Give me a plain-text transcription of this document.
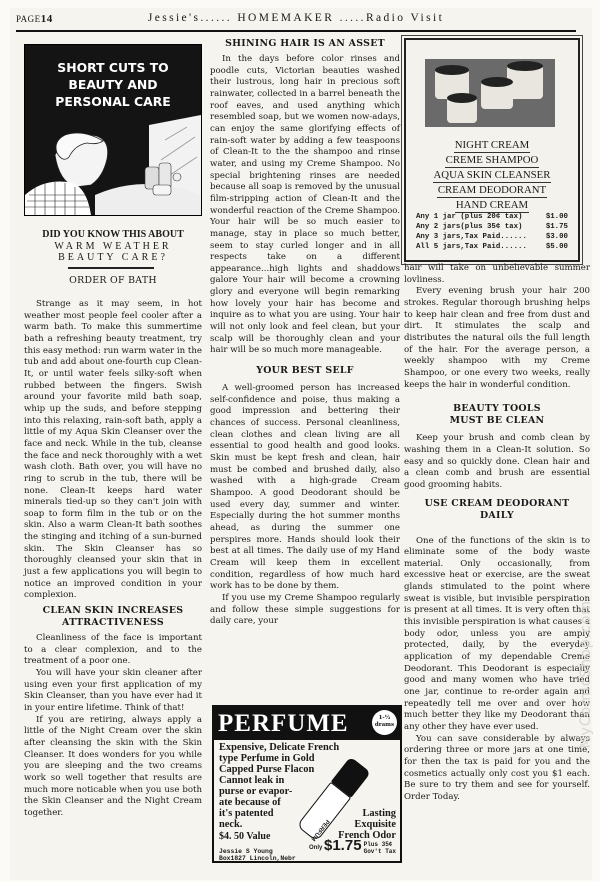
PAGE14	Jessie's...... HOMEMAKER .....Radio Visit
SHORT CUTS TO
BEAUTY AND
PERSONAL CARE
DID YOU KNOW THIS ABOUT
WARM WEATHER
BEAUTY CARE?
ORDER OF BATH

Strange as it may seem, in hot weather most people feel cooler after a warm bath. To make this summertime bath a refreshing beauty treatment, try this easy method: run warm water in the tub and add about one-fourth cup Clean-It, or until water feels silky-soft when rubbed between the fingers. Swish around your favorite mild bath soap, whip up the suds, and before stepping into this relaxing, rain-soft bath, apply a little of my Aqua Skin Cleanser over the face and neck. While in the tub, cleanse the face and neck thoroughly with a wet wash cloth. Bath over, you will have no ring to scrub in the tub, there will be none. Clean-It keeps hard water minerals tied-up so they can't join with soap to form film in the tub or on the skin. Also a warm Clean-It bath soothes the stinging and itching of a sun-burned skin. The Skin Cleanser has so thoroughly cleansed your skin that in just a few applications you will begin to notice an improved condition in your complexion.

CLEAN SKIN INCREASES
ATTRACTIVENESS

Cleanliness of the face is important to a clear complexion, and to the treatment of a poor one.

You will have your skin cleaner after using even your first application of my Skin Cleanser, than you have ever had it in your entire lifetime. Think of that!

If you are retiring, always apply a little of the Night Cream over the skin after cleansing the skin with the Skin Cleanser. It does wonders for you while you are sleeping and the two creams work so well together that results are much more noticable when you use both the Skin Cleanser and the Night Cream together.

SHINING HAIR IS AN ASSET

In the days before color rinses and poodle cuts, Victorian beauties washed their lustrous, long hair in precious soft rainwater, collected in a barrel beneath the roof eaves, and used anything which resembled soap, but we women now-adays, can enjoy the same glorifying effects of rain-soft water by adding a few teaspoons of Clean-It to the the shampoo and rinse water, and using my Creme Shampoo. No special brightening rinses are needed because all soap is removed by the unusual film-stripping action of Clean-It and the wonderful reaction of the Creme Shampoo. Your hair will be so much easier to manage, stay in place so much better, seem to stay curled longer and in all respects take on a different appearance...high lights and shaddows galore Your hair will become a crowning glory and everyone will begin remarking how lovely your hair has become and inquire as to what you are using. Your hair will not only look and feel clean, but your scalp will be thoroughly clean and your hair will be so much more manageable.

YOUR BEST SELF

A well-groomed person has increased self-confidence and poise, thus making a good impression and bettering their chances of success. Personal cleanliness, clean clothes and clean living are all essential to good health and good looks. Skin must be kept fresh and clean, hair must be combed and brushed daily, also washed with a high-grade Cream Shampoo. A good Deodorant should be used every day, summer and winter. Especially during the hot summer months ahead, as during the summer one perspires more. Hands should look their best at all times. The daily use of my Hand Cream will keep them in excellent condition, regardless of how much hard work has to be done by them.

If you use my Creme Shampoo regularly and follow these simple suggestions for daily care, your

NIGHT CREAM
CREME SHAMPOO
AQUA SKIN CLEANSER
CREAM DEODORANT
HAND CREAM
Any 1 jar (plus 20¢ tax)	$1.00
Any 2 jars(plus 35¢ tax)	$1.75
Any 3 jars,Tax Paid......	$3.00
All 5 jars,Tax Paid......	$5.00

hair will take on unbelievable summer lovliness.

Every evening brush your hair 200 strokes. Regular thorough brushing helps to keep hair clean and free from dust and dirt. It stimulates the scalp and distributes the natural oils the full length of the hair. For the average person, a weekly shampoo with my Creme Shampoo, or one every two weeks, really keeps the hair in wonderful condition.

BEAUTY TOOLS
MUST BE CLEAN

Keep your brush and comb clean by washing them in a Clean-It solution. So easy and so quickly done. Clean hair and a clean comb and brush are essential good grooming habits.

USE CREAM DEODORANT
DAILY

One of the functions of the skin is to eliminate some of the body waste material. Only occasionally, from excessive heat or exercise, are the sweat glands stimulated to the point where sweat is visible, but invisible perspiration is present at all times. It is very often that this invisible perspiration is what causes a body odor, unless you are amply protected, daily, by the everyday application of my dependable Creme Deodorant. This Deodorant is especially good and many women who have tried one jar, continue to re-order again and repeatedly tell me over and over how much better they like my Deodorant than any other they have ever used.

You can save considerable by always ordering three or more jars at one time, for then the tax is paid for you and the cosmetics actually only cost you $1 each. Be sure to try them and see for yourself. Order Today.

PERFUME	1-½ drams
Expensive, Delicate French
type Perfume in Gold
Capped Purse Flacon
Cannot leak in
purse or evapor-
ate because of
it's patented
neck.	PERFUM
Lasting
Exquisite
French Odor
$4. 50 Value
Jessie S Young
Box1827 Lincoln,Nebr
Only $1.75 Plus 35¢
Gov't Tax
MyComicShop.com
